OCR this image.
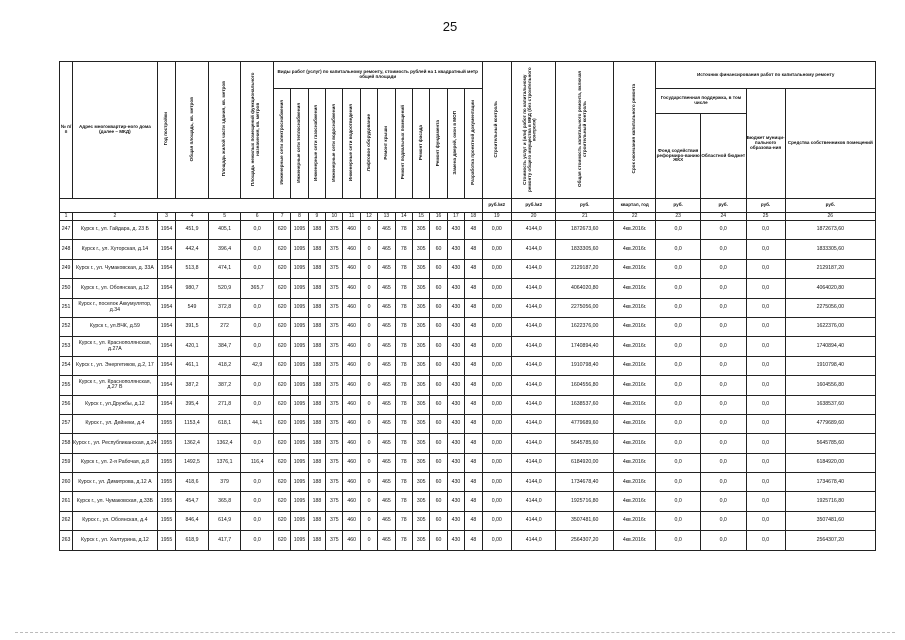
25
№ п/п	Адрес многоквартир-ного дома (далее – МКД)	Год постройки	Общая площадь, кв. метров	Площадь жилой части здания, кв. метров	Площадь нежилых помещений функционального назначения, кв. метров	Виды работ (услуг) по капитальному ремонту, стоимость рублей на 1 квадратный метр общей площади												Строительный контроль	Стоимость услуг и (или) работ по капитальному ремонту общего имущества в МКД (без строительного контроля)	Общая стоимость капитального ремонта, включая строительный контроль	Срок окончания капитального ремонта	Источник финансирования работ по капитальному ремонту			
						Инженерные сети электроснабжения	Инженерные сети теплоснабжения	Инженерные сети газоснабжения	Инженерные сети водоснабжения	Инженерные сети водоотведения	Лифтовое оборудование	Ремонт крыши	Ремонт подвальных помещений	Ремонт фасада	Ремонт фундамента	Замена дверей, окон в МОП	Разработка проектной документации					Государственная поддержка, в том числе		Бюджет муници-пального образова-ния	Средства собственников помещений
																						Фонд содействия реформиро-ванию ЖКХ	Областной бюджет		
																		руб./м2	руб./м2	руб.	квартал, год	руб.	руб.	руб.	руб.
1	2	3	4	5	6	7	8	9	10	11	12	13	14	15	16	17	18	19	20	21	22	23	24	25	26
247	Курск г., ул. Гайдара, д. 23 Б	1954	451,9	405,1	0,0	620	1095	188	375	460	0	465	78	305	60	430	48	0,00	4144,0	1872673,60	4кв.2016г.	0,0	0,0	0,0	1872673,60
248	Курск г., ул. Хуторская, д.14	1954	442,4	396,4	0,0	620	1095	188	375	460	0	465	78	305	60	430	48	0,00	4144,0	1833305,60	4кв.2016г.	0,0	0,0	0,0	1833305,60
249	Курск г., ул. Чумаковская, д. 33А	1954	513,8	474,1	0,0	620	1095	188	375	460	0	465	78	305	60	430	48	0,00	4144,0	2129187,20	4кв.2016г.	0,0	0,0	0,0	2129187,20
250	Курск г., ул. Обоянская, д.12	1954	980,7	520,9	365,7	620	1095	188	375	460	0	465	78	305	60	430	48	0,00	4144,0	4064020,80	4кв.2016г.	0,0	0,0	0,0	4064020,80
251	Курск г., поселок Аккумулятор, д.34	1954	549	372,8	0,0	620	1095	188	375	460	0	465	78	305	60	430	48	0,00	4144,0	2275056,00	4кв.2016г.	0,0	0,0	0,0	2275056,00
252	Курск г., ул.ВЧК, д.59	1954	391,5	272	0,0	620	1095	188	375	460	0	465	78	305	60	430	48	0,00	4144,0	1622376,00	4кв.2016г.	0,0	0,0	0,0	1622376,00
253	Курск г., ул. Краснополянская, д.27А	1954	420,1	384,7	0,0	620	1095	188	375	460	0	465	78	305	60	430	48	0,00	4144,0	1740894,40	4кв.2016г.	0,0	0,0	0,0	1740894,40
254	Курск г., ул. Энергетиков, д.2, 17	1954	461,1	418,2	42,9	620	1095	188	375	460	0	465	78	305	60	430	48	0,00	4144,0	1910798,40	4кв.2016г.	0,0	0,0	0,0	1910798,40
255	Курск г., ул. Краснополянская, д.27 В	1954	387,2	387,2	0,0	620	1095	188	375	460	0	465	78	305	60	430	48	0,00	4144,0	1604556,80	4кв.2016г.	0,0	0,0	0,0	1604556,80
256	Курск г., ул.Дружбы, д.12	1954	395,4	271,8	0,0	620	1095	188	375	460	0	465	78	305	60	430	48	0,00	4144,0	1638537,60	4кв.2016г.	0,0	0,0	0,0	1638537,60
257	Курск г., ул. Дейнеки, д.4	1955	1153,4	618,1	44,1	620	1095	188	375	460	0	465	78	305	60	430	48	0,00	4144,0	4779689,60	4кв.2016г.	0,0	0,0	0,0	4779689,60
258	Курск г., ул. Республиканская, д.24	1955	1362,4	1362,4	0,0	620	1095	188	375	460	0	465	78	305	60	430	48	0,00	4144,0	5645785,60	4кв.2016г.	0,0	0,0	0,0	5645785,60
259	Курск г., ул. 2-я Рабочая, д.8	1955	1492,5	1376,1	116,4	620	1095	188	375	460	0	465	78	305	60	430	48	0,00	4144,0	6184920,00	4кв.2016г.	0,0	0,0	0,0	6184920,00
260	Курск г., ул. Димитрова, д.12 А	1955	418,6	379	0,0	620	1095	188	375	460	0	465	78	305	60	430	48	0,00	4144,0	1734678,40	4кв.2016г.	0,0	0,0	0,0	1734678,40
261	Курск г., ул. Чумаковская, д.33Б	1955	454,7	365,8	0,0	620	1095	188	375	460	0	465	78	305	60	430	48	0,00	4144,0	1925716,80	4кв.2016г.	0,0	0,0	0,0	1925716,80
262	Курск г., ул. Обоянская, д.4	1955	846,4	614,9	0,0	620	1095	188	375	460	0	465	78	305	60	430	48	0,00	4144,0	3507481,60	4кв.2016г.	0,0	0,0	0,0	3507481,60
263	Курск г., ул. Халтурина, д.12	1955	618,9	417,7	0,0	620	1095	188	375	460	0	465	78	305	60	430	48	0,00	4144,0	2564307,20	4кв.2016г.	0,0	0,0	0,0	2564307,20
